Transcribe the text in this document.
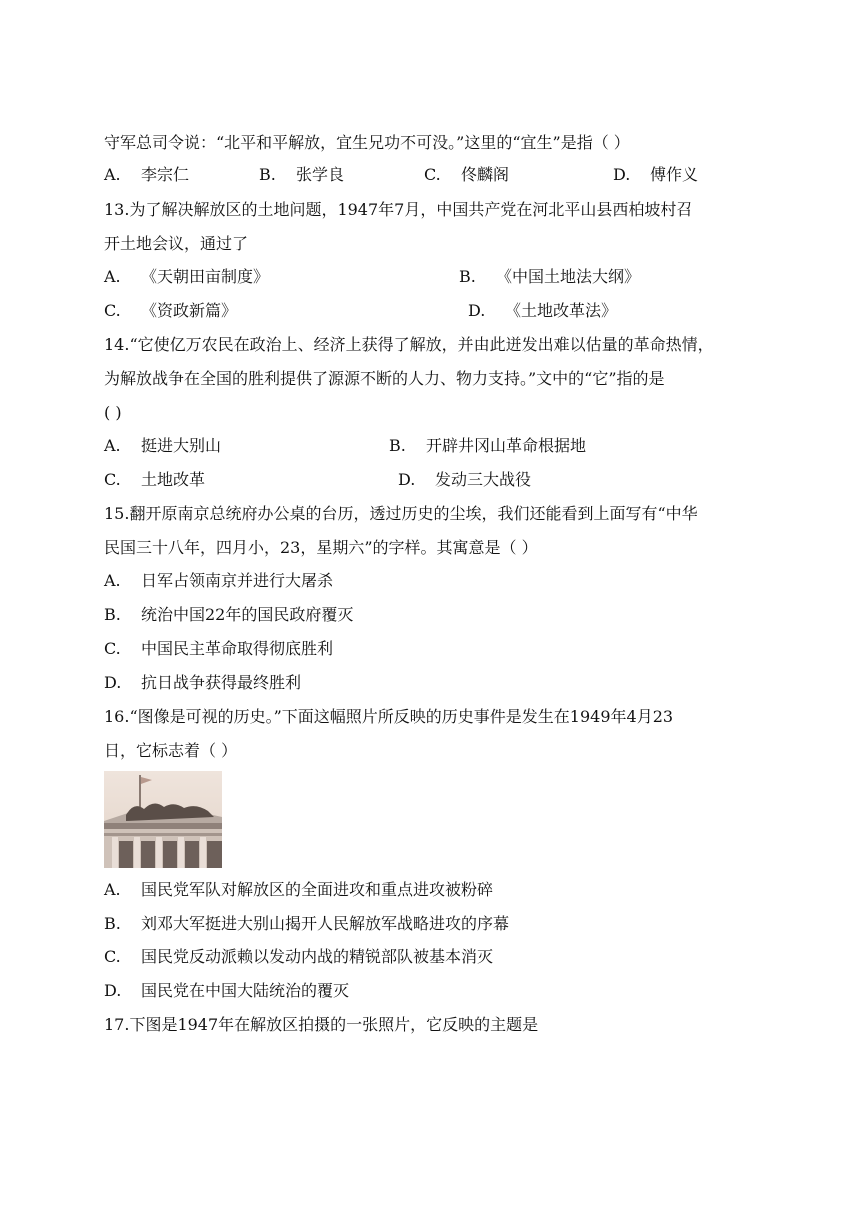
守军总司令说：“北平和平解放，宜生兄功不可没。”这里的“宜生”是指（ ）
A. 李宗仁	B. 张学良	C. 佟麟阁	D. 傅作义
13.为了解决解放区的土地问题，1947年7月，中国共产党在河北平山县西柏坡村召
开土地会议，通过了
A. 《天朝田亩制度》	B. 《中国土地法大纲》
C. 《资政新篇》	D. 《土地改革法》
14.“它使亿万农民在政治上、经济上获得了解放，并由此迸发出难以估量的革命热情，
为解放战争在全国的胜利提供了源源不断的人力、物力支持。”文中的“它”指的是
( )
A. 挺进大别山	B. 开辟井冈山革命根据地
C. 土地改革	D. 发动三大战役
15.翻开原南京总统府办公桌的台历，透过历史的尘埃，我们还能看到上面写有“中华
民国三十八年，四月小，23，星期六”的字样。其寓意是（ ）
A. 日军占领南京并进行大屠杀
B. 统治中国22年的国民政府覆灭
C. 中国民主革命取得彻底胜利
D. 抗日战争获得最终胜利
16.“图像是可视的历史。”下面这幅照片所反映的历史事件是发生在1949年4月23
日，它标志着（ ）
A. 国民党军队对解放区的全面进攻和重点进攻被粉碎
B. 刘邓大军挺进大别山揭开人民解放军战略进攻的序幕
C. 国民党反动派赖以发动内战的精锐部队被基本消灭
D. 国民党在中国大陆统治的覆灭
17.下图是1947年在解放区拍摄的一张照片，它反映的主题是
